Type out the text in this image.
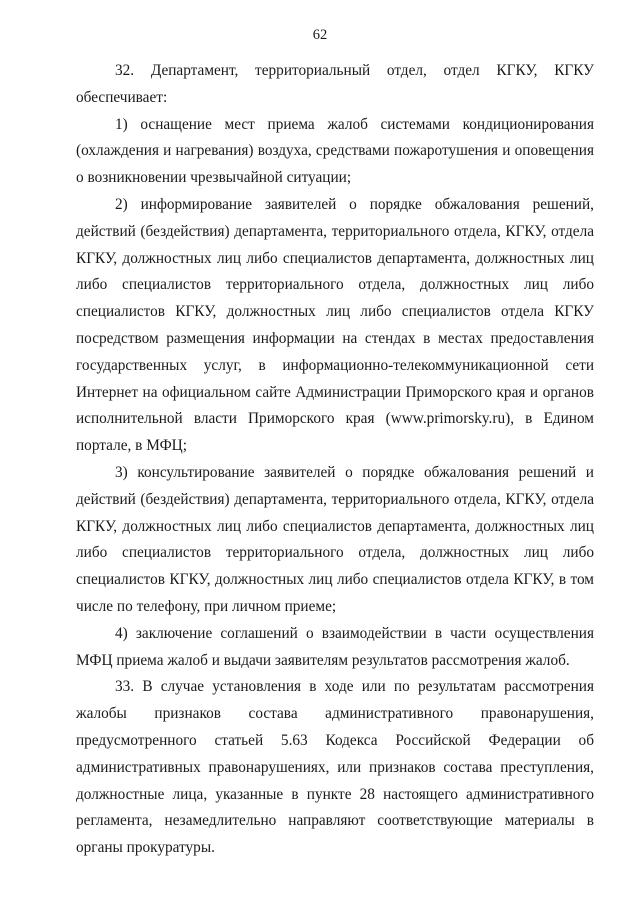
62

32. Департамент, территориальный отдел, отдел КГКУ, КГКУ обеспечивает:

1) оснащение мест приема жалоб системами кондиционирования (охлаждения и нагревания) воздуха, средствами пожаротушения и оповещения о возникновении чрезвычайной ситуации;

2) информирование заявителей о порядке обжалования решений, действий (бездействия) департамента, территориального отдела, КГКУ, отдела КГКУ, должностных лиц либо специалистов департамента, должностных лиц либо специалистов территориального отдела, должностных лиц либо специалистов КГКУ, должностных лиц либо специалистов отдела КГКУ посредством размещения информации на стендах в местах предоставления государственных услуг, в информационно-телекоммуникационной сети Интернет на официальном сайте Администрации Приморского края и органов исполнительной власти Приморского края (www.primorsky.ru), в Едином портале, в МФЦ;

3) консультирование заявителей о порядке обжалования решений и действий (бездействия) департамента, территориального отдела, КГКУ, отдела КГКУ, должностных лиц либо специалистов департамента, должностных лиц либо специалистов территориального отдела, должностных лиц либо специалистов КГКУ, должностных лиц либо специалистов отдела КГКУ, в том числе по телефону, при личном приеме;

4) заключение соглашений о взаимодействии в части осуществления МФЦ приема жалоб и выдачи заявителям результатов рассмотрения жалоб.

33. В случае установления в ходе или по результатам рассмотрения жалобы признаков состава административного правонарушения, предусмотренного статьей 5.63 Кодекса Российской Федерации об административных правонарушениях, или признаков состава преступления, должностные лица, указанные в пункте 28 настоящего административного регламента, незамедлительно направляют соответствующие материалы в органы прокуратуры.
